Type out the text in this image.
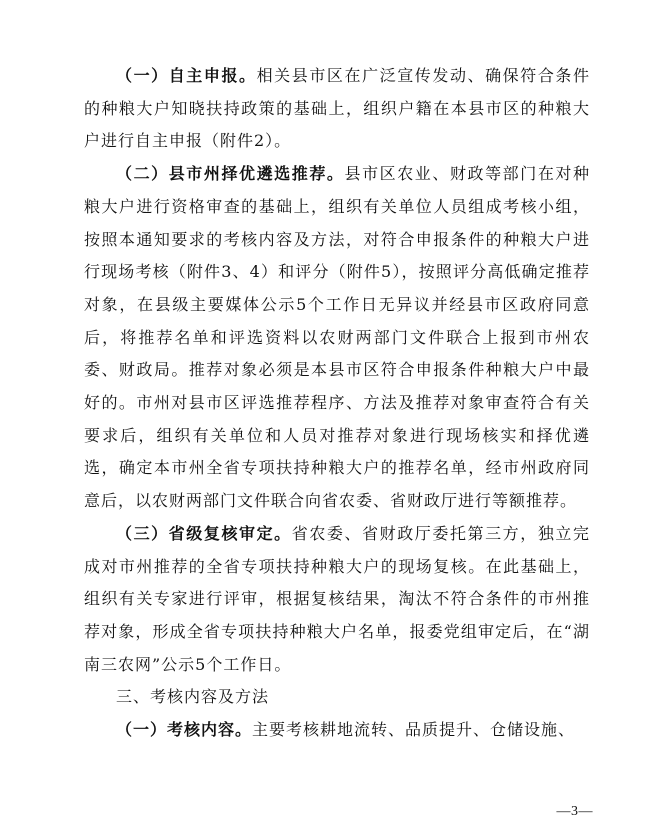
（一）自主申报。相关县市区在广泛宣传发动、确保符合条件的种粮大户知晓扶持政策的基础上，组织户籍在本县市区的种粮大户进行自主申报（附件2）。

（二）县市州择优遴选推荐。县市区农业、财政等部门在对种粮大户进行资格审查的基础上，组织有关单位人员组成考核小组，按照本通知要求的考核内容及方法，对符合申报条件的种粮大户进行现场考核（附件3、4）和评分（附件5），按照评分高低确定推荐对象，在县级主要媒体公示5个工作日无异议并经县市区政府同意后，将推荐名单和评选资料以农财两部门文件联合上报到市州农委、财政局。推荐对象必须是本县市区符合申报条件种粮大户中最好的。市州对县市区评选推荐程序、方法及推荐对象审查符合有关要求后，组织有关单位和人员对推荐对象进行现场核实和择优遴选，确定本市州全省专项扶持种粮大户的推荐名单，经市州政府同意后，以农财两部门文件联合向省农委、省财政厅进行等额推荐。

（三）省级复核审定。省农委、省财政厅委托第三方，独立完成对市州推荐的全省专项扶持种粮大户的现场复核。在此基础上，组织有关专家进行评审，根据复核结果，淘汰不符合条件的市州推荐对象，形成全省专项扶持种粮大户名单，报委党组审定后，在“湖南三农网”公示5个工作日。

三、考核内容及方法

（一）考核内容。主要考核耕地流转、品质提升、仓储设施、

—3—
